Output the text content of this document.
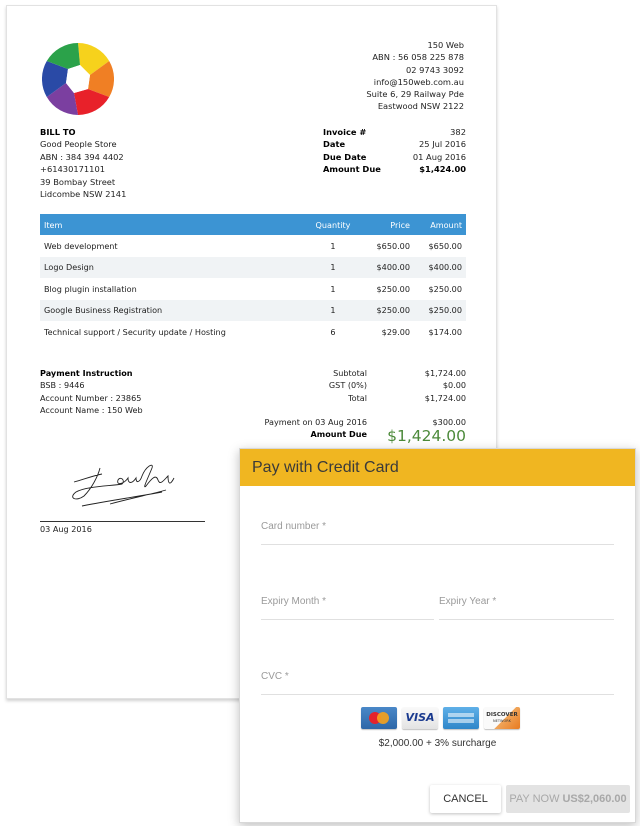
150 Web
ABN : 56 058 225 878
02 9743 3092
info@150web.com.au
Suite 6, 29 Railway Pde
Eastwood NSW 2122
BILL TO
Good People Store
ABN : 384 394 4402
+61430171101
39 Bombay Street
Lidcombe NSW 2141
Invoice #	382
Date	25 Jul 2016
Due Date	01 Aug 2016
Amount Due	$1,424.00
Item	Quantity	Price	Amount
Web development	1	$650.00	$650.00
Logo Design	1	$400.00	$400.00
Blog plugin installation	1	$250.00	$250.00
Google Business Registration	1	$250.00	$250.00
Technical support / Security update / Hosting	6	$29.00	$174.00
Payment Instruction
BSB : 9446
Account Number : 23865
Account Name : 150 Web
Subtotal	$1,724.00
GST (0%)	$0.00
Total	$1,724.00
Payment on 03 Aug 2016	$300.00
Amount Due	$1,424.00
03 Aug 2016
Pay with Credit Card
Card number *
Expiry Month *	Expiry Year *
CVC *
VISA	DISCOVER
NETWORK
$2,000.00 + 3% surcharge
CANCEL PAY NOW US$2,060.00
